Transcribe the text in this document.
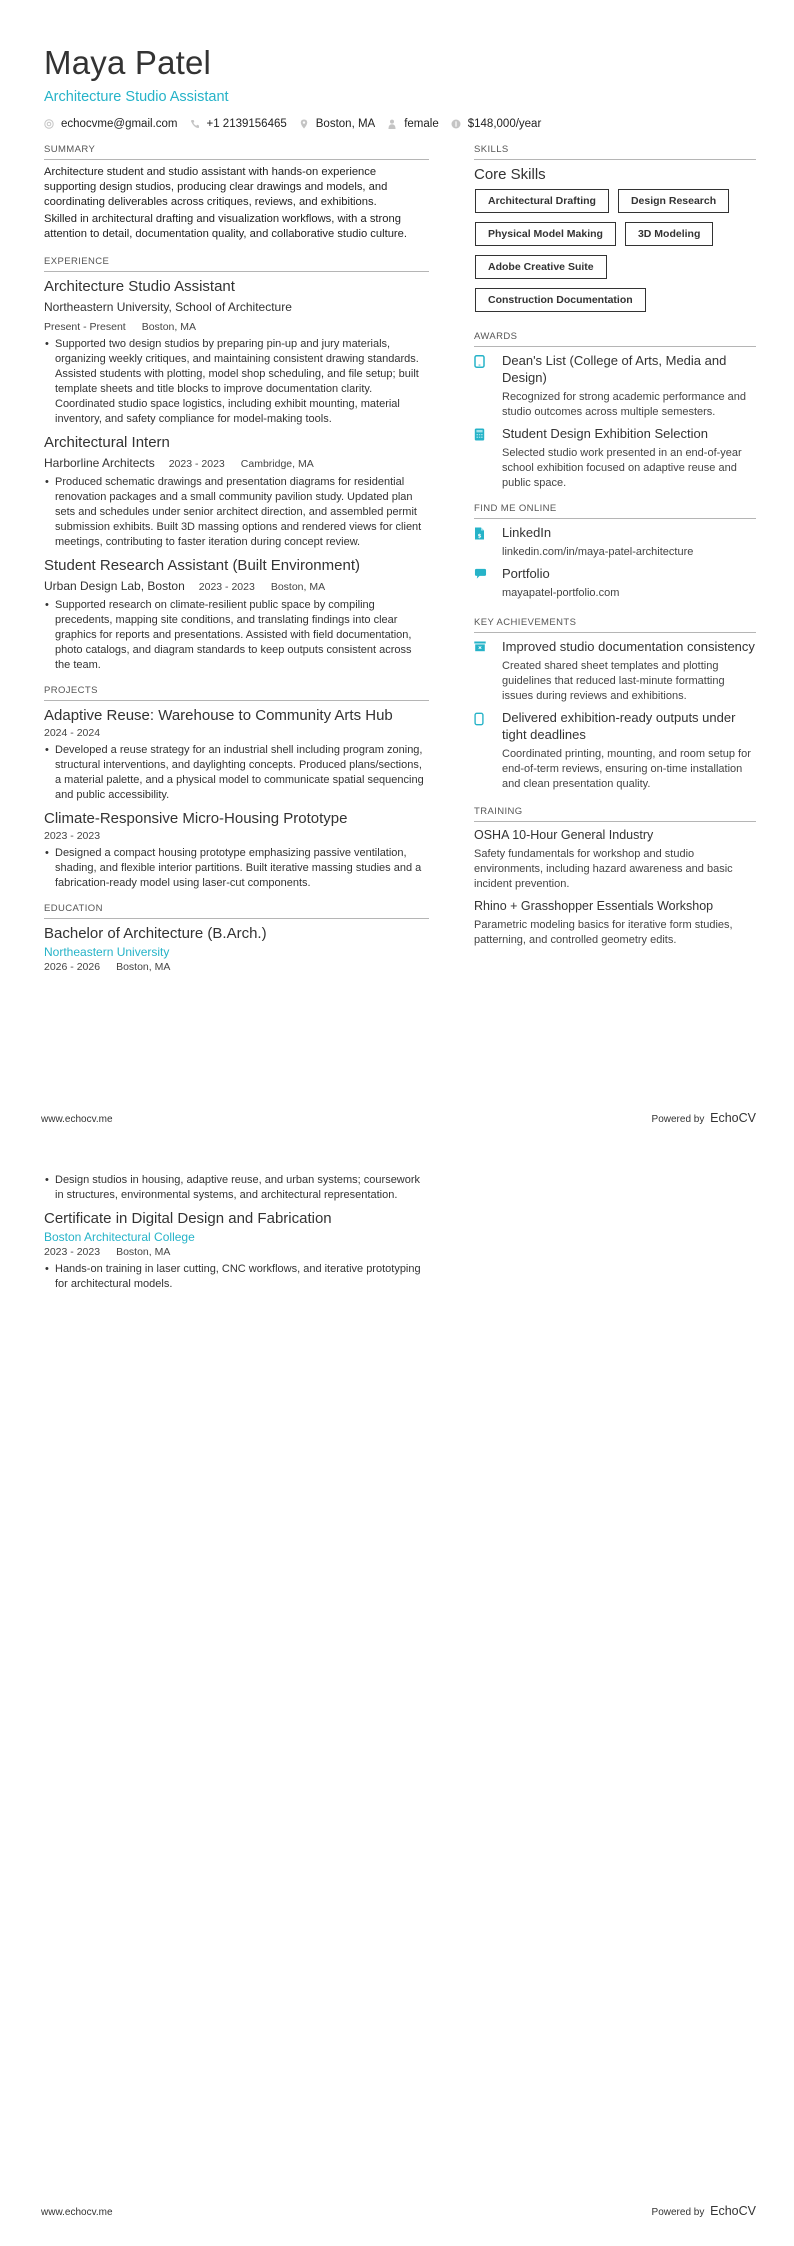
Maya Patel
Architecture Studio Assistant
echocvme@gmail.com	+1 2139156465	Boston, MA	female	$148,000/year
SUMMARY

Architecture student and studio assistant with hands-on experience supporting design studios, producing clear drawings and models, and coordinating deliverables across critiques, reviews, and exhibitions.

Skilled in architectural drafting and visualization workflows, with a strong attention to detail, documentation quality, and collaborative studio culture.

EXPERIENCE
Architecture Studio Assistant
Northeastern University, School of Architecture
Present - Present Boston, MA
• Supported two design studios by preparing pin-up and jury materials, organizing weekly critiques, and maintaining consistent drawing standards. Assisted students with plotting, model shop scheduling, and file setup; built template sheets and title blocks to improve documentation clarity. Coordinated studio space logistics, including exhibit mounting, material inventory, and safety compliance for model-making tools.
Architectural Intern
Harborline Architects 2023 - 2023 Cambridge, MA
• Produced schematic drawings and presentation diagrams for residential renovation packages and a small community pavilion study. Updated plan sets and schedules under senior architect direction, and assembled permit submission exhibits. Built 3D massing options and rendered views for client meetings, contributing to faster iteration during concept review.
Student Research Assistant (Built Environment)
Urban Design Lab, Boston 2023 - 2023 Boston, MA
• Supported research on climate-resilient public space by compiling precedents, mapping site conditions, and translating findings into clear graphics for reports and presentations. Assisted with field documentation, photo catalogs, and diagram standards to keep outputs consistent across the team.
PROJECTS
Adaptive Reuse: Warehouse to Community Arts Hub
2024 - 2024
• Developed a reuse strategy for an industrial shell including program zoning, structural interventions, and daylighting concepts. Produced plans/sections, a material palette, and a physical model to communicate spatial sequencing and public accessibility.
Climate-Responsive Micro-Housing Prototype
2023 - 2023
• Designed a compact housing prototype emphasizing passive ventilation, shading, and flexible interior partitions. Built iterative massing studies and a fabrication-ready model using laser-cut components.
EDUCATION
Bachelor of Architecture (B.Arch.)
Northeastern University
2026 - 2026 Boston, MA
SKILLS
Core Skills
Architectural Drafting	Design Research
Physical Model Making	3D Modeling
Adobe Creative Suite
Construction Documentation
AWARDS
Dean's List (College of Arts, Media and Design)
Recognized for strong academic performance and studio outcomes across multiple semesters.
Student Design Exhibition Selection
Selected studio work presented in an end-of-year school exhibition focused on adaptive reuse and public space.
FIND ME ONLINE
$ LinkedIn
linkedin.com/in/maya-patel-architecture
Portfolio
mayapatel-portfolio.com
KEY ACHIEVEMENTS
Improved studio documentation consistency
Created shared sheet templates and plotting guidelines that reduced last-minute formatting issues during reviews and exhibitions.
Delivered exhibition-ready outputs under tight deadlines
Coordinated printing, mounting, and room setup for end-of-term reviews, ensuring on-time installation and clean presentation quality.
TRAINING
OSHA 10-Hour General Industry
Safety fundamentals for workshop and studio environments, including hazard awareness and basic incident prevention.
Rhino + Grasshopper Essentials Workshop
Parametric modeling basics for iterative form studies, patterning, and controlled geometry edits.
www.echocv.me	Powered by EchoCV
• Design studios in housing, adaptive reuse, and urban systems; coursework in structures, environmental systems, and architectural representation.
Certificate in Digital Design and Fabrication
Boston Architectural College
2023 - 2023 Boston, MA
• Hands-on training in laser cutting, CNC workflows, and iterative prototyping for architectural models.
www.echocv.me	Powered by EchoCV
